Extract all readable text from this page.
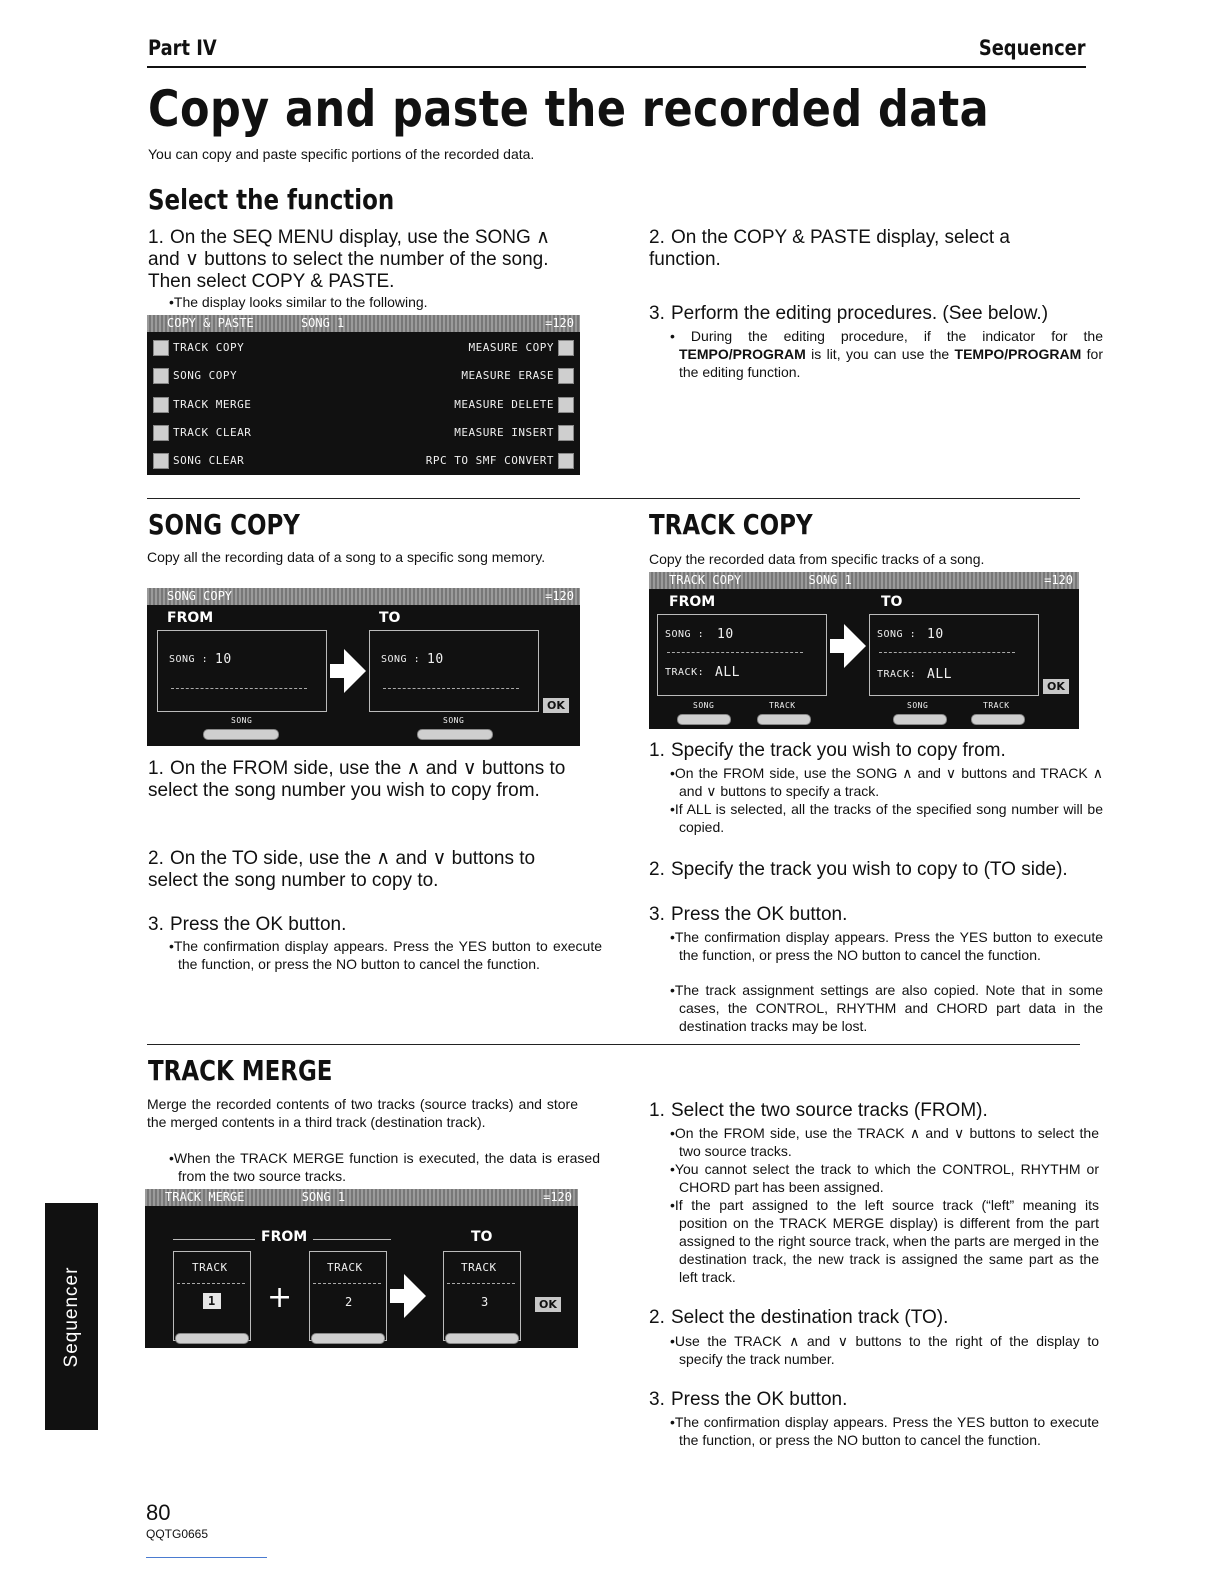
Part IV	Sequencer
Copy and paste the recorded data
You can copy and paste specific portions of the recorded data.
Select the function
1. On the SEQ MENU display, use the SONG ∧ and ∨ buttons to select the number of the song. Then select COPY & PASTE.
• The display looks similar to the following.
COPY & PASTE	SONG 1	=120
TRACK COPY
SONG COPY
TRACK MERGE
TRACK CLEAR
SONG CLEAR
MEASURE COPY
MEASURE ERASE
MEASURE DELETE
MEASURE INSERT
RPC TO SMF CONVERT
2. On the COPY & PASTE display, select a function.
3. Perform the editing procedures. (See below.)
• During the editing procedure, if the indicator for the TEMPO/PROGRAM is lit, you can use the TEMPO/PROGRAM for the editing function.
SONG COPY
Copy all the recording data of a song to a specific song memory.
SONG COPY	=120
FROM	TO
SONG : 10	SONG : 10
OK
SONG	SONG
1. On the FROM side, use the ∧ and ∨ buttons to select the song number you wish to copy from.
2. On the TO side, use the ∧ and ∨ buttons to select the song number to copy to.
3. Press the OK button.
• The confirmation display appears. Press the YES button to execute the function, or press the NO button to cancel the function.
TRACK COPY
Copy the recorded data from specific tracks of a song.
TRACK COPY	SONG 1	=120
FROM	TO
SONG : 10
TRACK: ALL
SONG : 10
TRACK: ALL
OK
SONG	TRACK	SONG	TRACK
1. Specify the track you wish to copy from.
• On the FROM side, use the SONG ∧ and ∨ buttons and TRACK ∧ and ∨ buttons to specify a track.
• If ALL is selected, all the tracks of the specified song number will be copied.
2. Specify the track you wish to copy to (TO side).
3. Press the OK button.
• The confirmation display appears. Press the YES button to execute the function, or press the NO button to cancel the function.
• The track assignment settings are also copied. Note that in some cases, the CONTROL, RHYTHM and CHORD part data in the destination tracks may be lost.
TRACK MERGE
Merge the recorded contents of two tracks (source tracks) and store the merged contents in a third track (destination track).
• When the TRACK MERGE function is executed, the data is erased from the two source tracks.
TRACK MERGE	SONG 1	=120
FROM	TO
TRACK
1 +
TRACK
2
TRACK
3	OK
1. Select the two source tracks (FROM).
• On the FROM side, use the TRACK ∧ and ∨ buttons to select the two source tracks.
• You cannot select the track to which the CONTROL, RHYTHM or CHORD part has been assigned.
• If the part assigned to the left source track (“left” meaning its position on the TRACK MERGE display) is different from the part assigned to the right source track, when the parts are merged in the destination track, the new track is assigned the same part as the left track.
2. Select the destination track (TO).
• Use the TRACK ∧ and ∨ buttons to the right of the display to specify the track number.
3. Press the OK button.
• The confirmation display appears. Press the YES button to execute the function, or press the NO button to cancel the function.
Sequencer
80
QQTG0665
